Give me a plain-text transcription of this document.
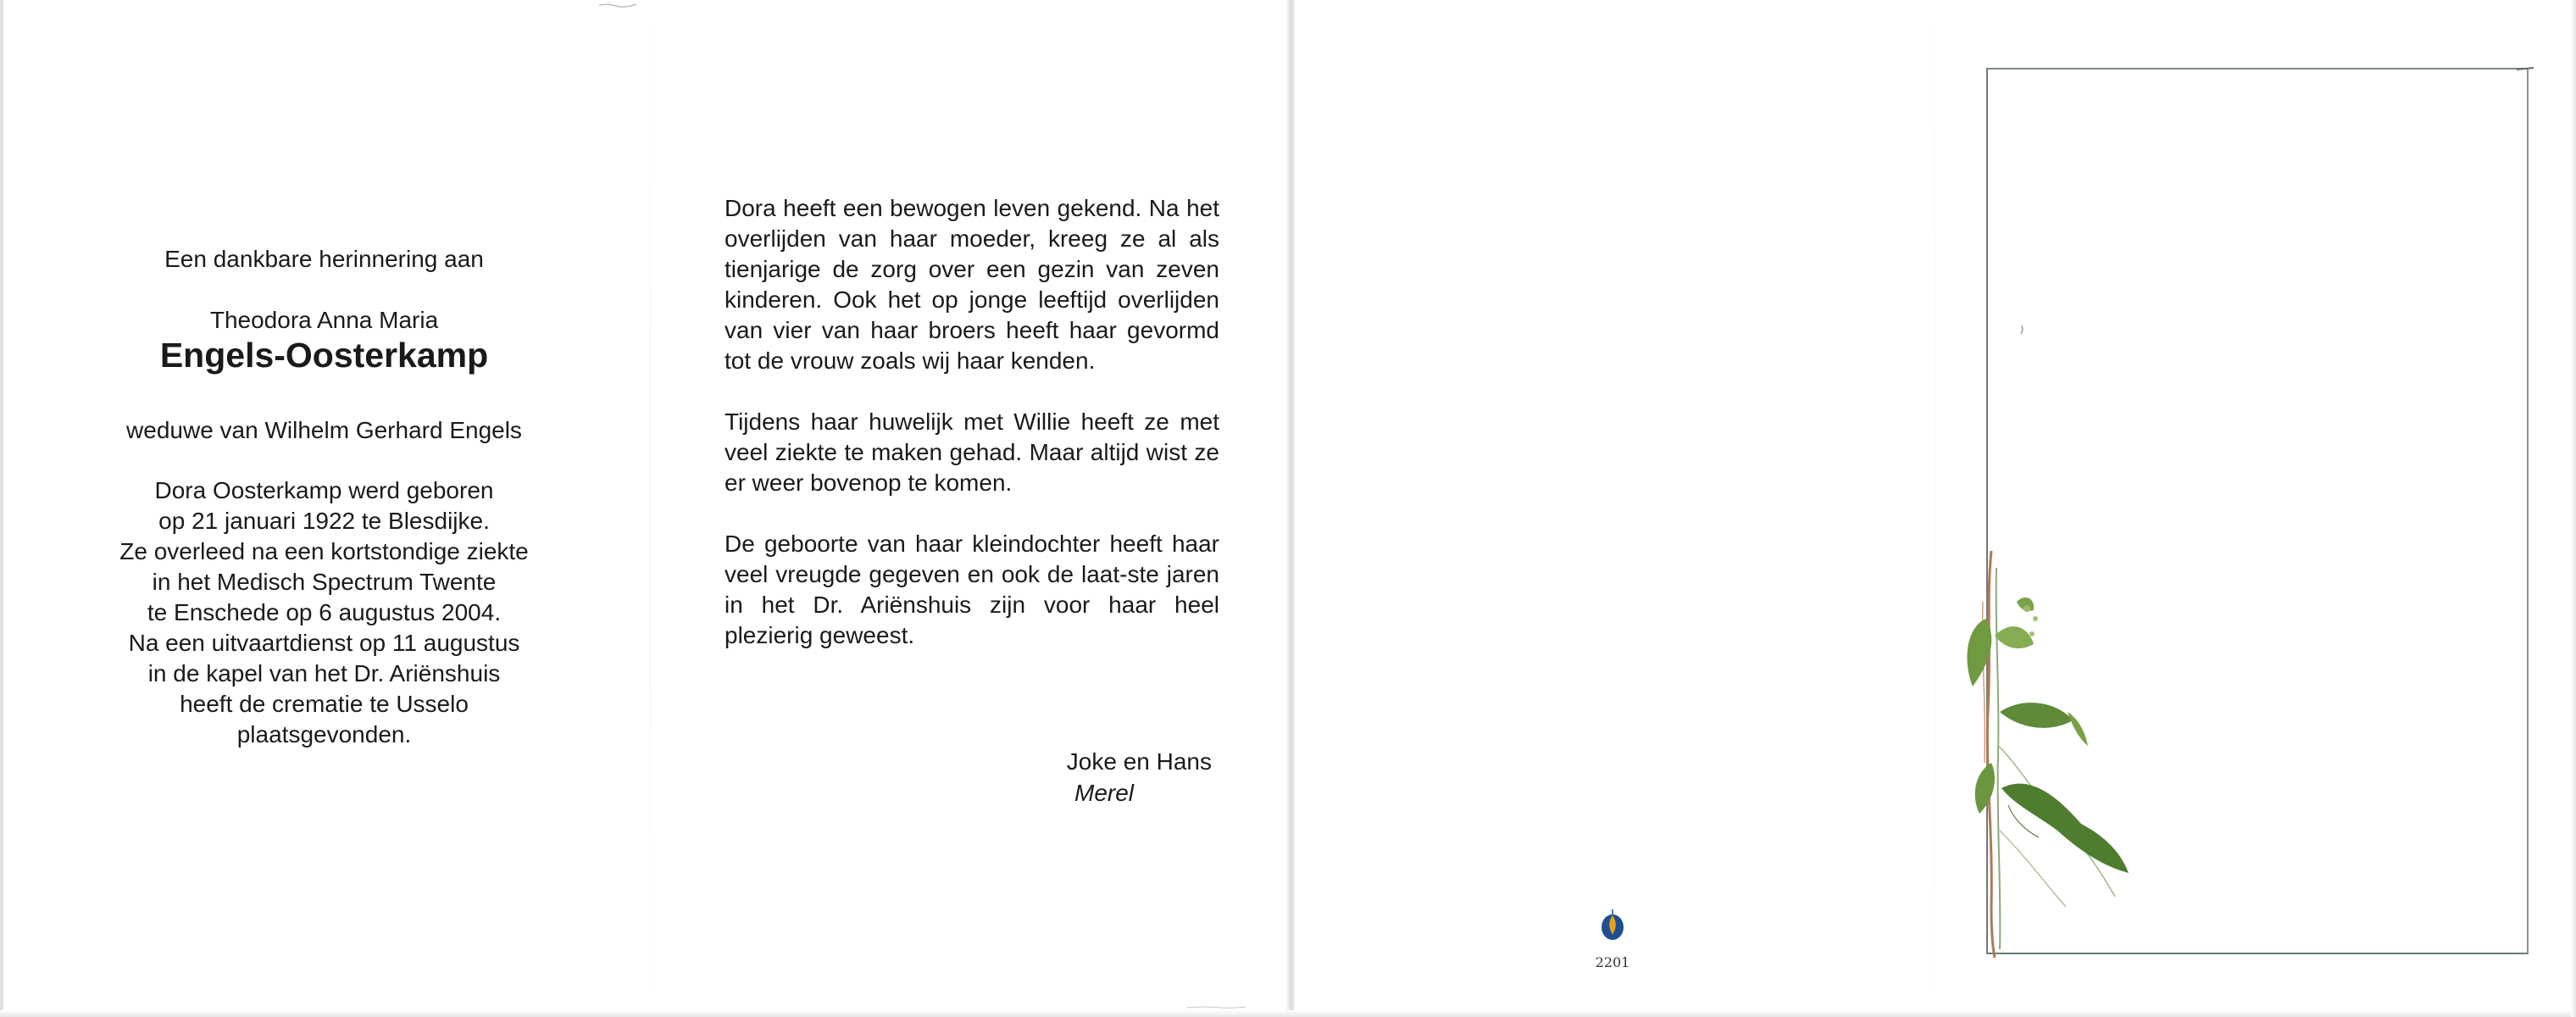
Een dankbare herinnering aan
Theodora Anna Maria
Engels-Oosterkamp
weduwe van Wilhelm Gerhard Engels
Dora Oosterkamp werd geboren
op 21 januari 1922 te Blesdijke.
Ze overleed na een kortstondige ziekte
in het Medisch Spectrum Twente
te Enschede op 6 augustus 2004.
Na een uitvaartdienst op 11 augustus
in de kapel van het Dr. Ariënshuis
heeft de crematie te Usselo
plaatsgevonden.

Dora heeft een bewogen leven gekend. Na het overlijden van haar moeder, kreeg ze al als tienjarige de zorg over een gezin van zeven kinderen. Ook het op jonge leeftijd overlijden van vier van haar broers heeft haar gevormd tot de vrouw zoals wij haar kenden.

Tijdens haar huwelijk met Willie heeft ze met veel ziekte te maken gehad. Maar altijd wist ze er weer bovenop te komen.

De geboorte van haar kleindochter heeft haar veel vreugde gegeven en ook de laat-ste jaren in het Dr. Ariënshuis zijn voor haar heel plezierig geweest.

Joke en Hans
Merel
2201
